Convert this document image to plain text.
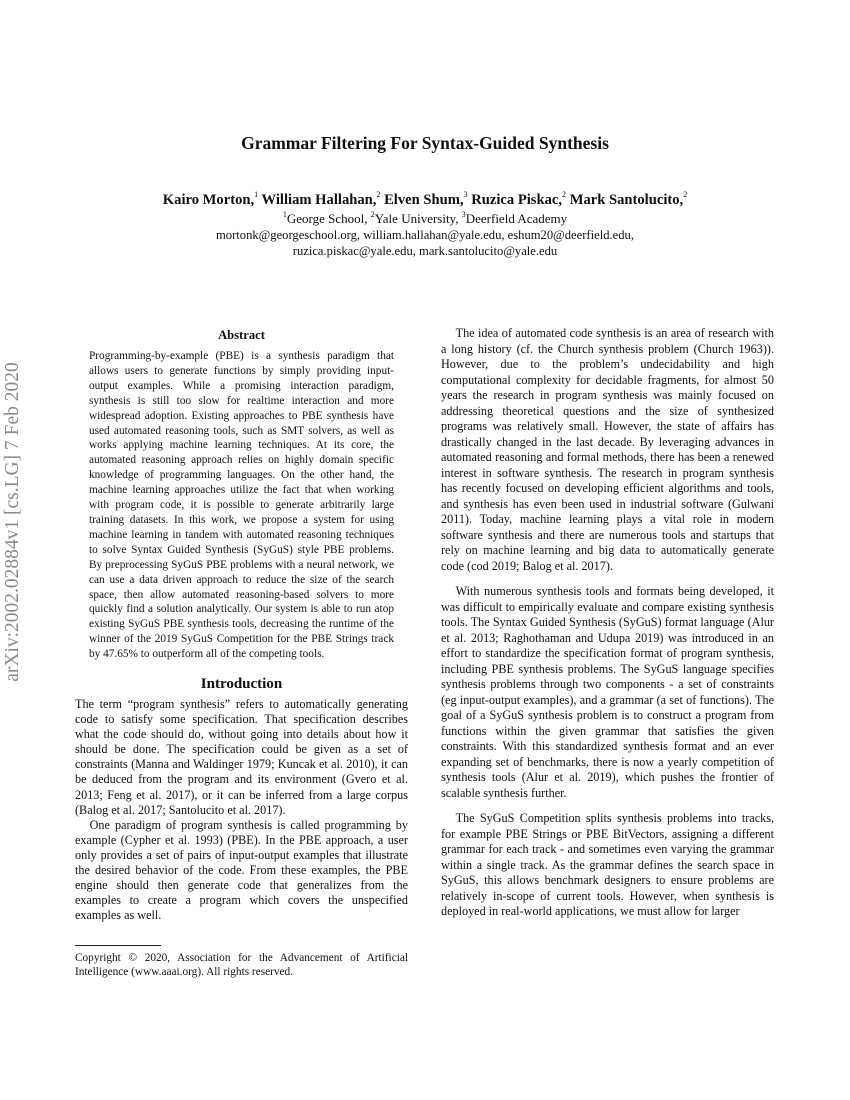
arXiv:2002.02884v1 [cs.LG] 7 Feb 2020
Grammar Filtering For Syntax-Guided Synthesis
Kairo Morton,$^1$ William Hallahan,$^2$ Elven Shum,$^3$ Ruzica Piskac,$^2$ Mark Santolucito,$^2$
$^1$George School, $^2$Yale University, $^3$Deerfield Academy
mortonk@georgeschool.org, william.hallahan@yale.edu, eshum20@deerfield.edu,
ruzica.piskac@yale.edu, mark.santolucito@yale.edu
Abstract
Programming-by-example (PBE) is a synthesis paradigm that allows users to generate functions by simply providing input-output examples. While a promising interaction paradigm, synthesis is still too slow for realtime interaction and more widespread adoption. Existing approaches to PBE synthesis have used automated reasoning tools, such as SMT solvers, as well as works applying machine learning techniques. At its core, the automated reasoning approach relies on highly domain specific knowledge of programming languages. On the other hand, the machine learning approaches utilize the fact that when working with program code, it is possible to generate arbitrarily large training datasets. In this work, we propose a system for using machine learning in tandem with automated reasoning techniques to solve Syntax Guided Synthesis (SyGuS) style PBE problems. By preprocessing SyGuS PBE problems with a neural network, we can use a data driven approach to reduce the size of the search space, then allow automated reasoning-based solvers to more quickly find a solution analytically. Our system is able to run atop existing SyGuS PBE synthesis tools, decreasing the runtime of the winner of the 2019 SyGuS Competition for the PBE Strings track by 47.65% to outperform all of the competing tools.
Introduction

The term “program synthesis” refers to automatically generating code to satisfy some specification. That specification describes what the code should do, without going into details about how it should be done. The specification could be given as a set of constraints (Manna and Waldinger 1979; Kuncak et al. 2010), it can be deduced from the program and its environment (Gvero et al. 2013; Feng et al. 2017), or it can be inferred from a large corpus (Balog et al. 2017; Santolucito et al. 2017).

One paradigm of program synthesis is called programming by example (Cypher et al. 1993) (PBE). In the PBE approach, a user only provides a set of pairs of input-output examples that illustrate the desired behavior of the code. From these examples, the PBE engine should then generate code that generalizes from the examples to create a program which covers the unspecified examples as well.

Copyright © 2020, Association for the Advancement of Artificial Intelligence (www.aaai.org). All rights reserved.

The idea of automated code synthesis is an area of research with a long history (cf. the Church synthesis problem (Church 1963)). However, due to the problem’s undecidability and high computational complexity for decidable fragments, for almost 50 years the research in program synthesis was mainly focused on addressing theoretical questions and the size of synthesized programs was relatively small. However, the state of affairs has drastically changed in the last decade. By leveraging advances in automated reasoning and formal methods, there has been a renewed interest in software synthesis. The research in program synthesis has recently focused on developing efficient algorithms and tools, and synthesis has even been used in industrial software (Gulwani 2011). Today, machine learning plays a vital role in modern software synthesis and there are numerous tools and startups that rely on machine learning and big data to automatically generate code (cod 2019; Balog et al. 2017).

With numerous synthesis tools and formats being developed, it was difficult to empirically evaluate and compare existing synthesis tools. The Syntax Guided Synthesis (SyGuS) format language (Alur et al. 2013; Raghothaman and Udupa 2019) was introduced in an effort to standardize the specification format of program synthesis, including PBE synthesis problems. The SyGuS language specifies synthesis problems through two components - a set of constraints (eg input-output examples), and a grammar (a set of functions). The goal of a SyGuS synthesis problem is to construct a program from functions within the given grammar that satisfies the given constraints. With this standardized synthesis format and an ever expanding set of benchmarks, there is now a yearly competition of synthesis tools (Alur et al. 2019), which pushes the frontier of scalable synthesis further.

The SyGuS Competition splits synthesis problems into tracks, for example PBE Strings or PBE BitVectors, assigning a different grammar for each track - and sometimes even varying the grammar within a single track. As the grammar defines the search space in SyGuS, this allows benchmark designers to ensure problems are relatively in-scope of current tools. However, when synthesis is deployed in real-world applications, we must allow for larger
